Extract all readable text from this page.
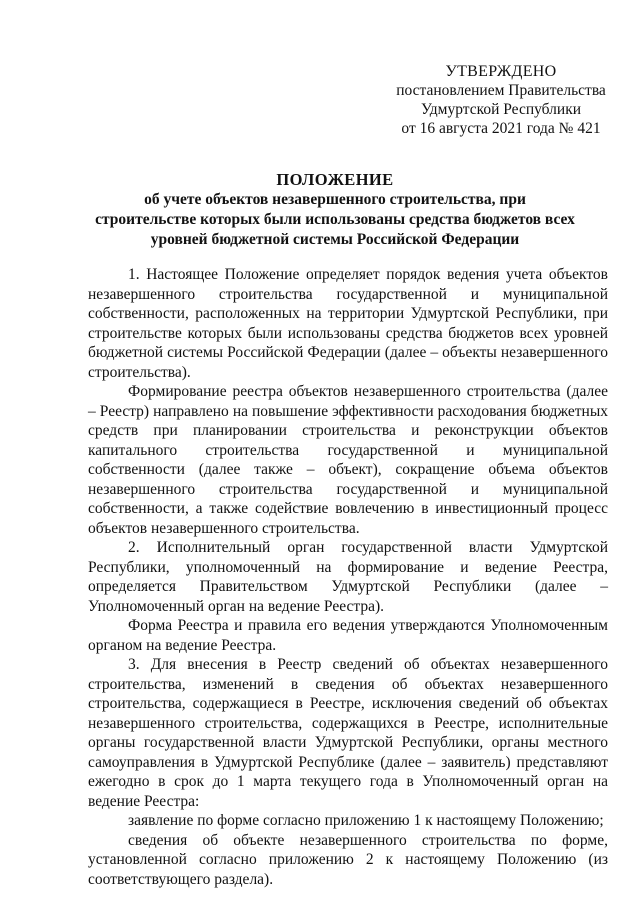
УТВЕРЖДЕНО
постановлением Правительства
Удмуртской Республики
от 16 августа 2021 года № 421
ПОЛОЖЕНИЕ
об учете объектов незавершенного строительства, при строительстве которых были использованы средства бюджетов всех уровней бюджетной системы Российской Федерации

1. Настоящее Положение определяет порядок ведения учета объектов незавершенного строительства государственной и муниципальной собственности, расположенных на территории Удмуртской Республики, при строительстве которых были использованы средства бюджетов всех уровней бюджетной системы Российской Федерации (далее – объекты незавершенного строительства).

Формирование реестра объектов незавершенного строительства (далее – Реестр) направлено на повышение эффективности расходования бюджетных средств при планировании строительства и реконструкции объектов капитального строительства государственной и муниципальной собственности (далее также – объект), сокращение объема объектов незавершенного строительства государственной и муниципальной собственности, а также содействие вовлечению в инвестиционный процесс объектов незавершенного строительства.

2. Исполнительный орган государственной власти Удмуртской Республики, уполномоченный на формирование и ведение Реестра, определяется Правительством Удмуртской Республики (далее – Уполномоченный орган на ведение Реестра).

Форма Реестра и правила его ведения утверждаются Уполномоченным органом на ведение Реестра.

3. Для внесения в Реестр сведений об объектах незавершенного строительства, изменений в сведения об объектах незавершенного строительства, содержащиеся в Реестре, исключения сведений об объектах незавершенного строительства, содержащихся в Реестре, исполнительные органы государственной власти Удмуртской Республики, органы местного самоуправления в Удмуртской Республике (далее – заявитель) представляют ежегодно в срок до 1 марта текущего года в Уполномоченный орган на ведение Реестра:

заявление по форме согласно приложению 1 к настоящему Положению;

сведения об объекте незавершенного строительства по форме, установленной согласно приложению 2 к настоящему Положению (из соответствующего раздела).
